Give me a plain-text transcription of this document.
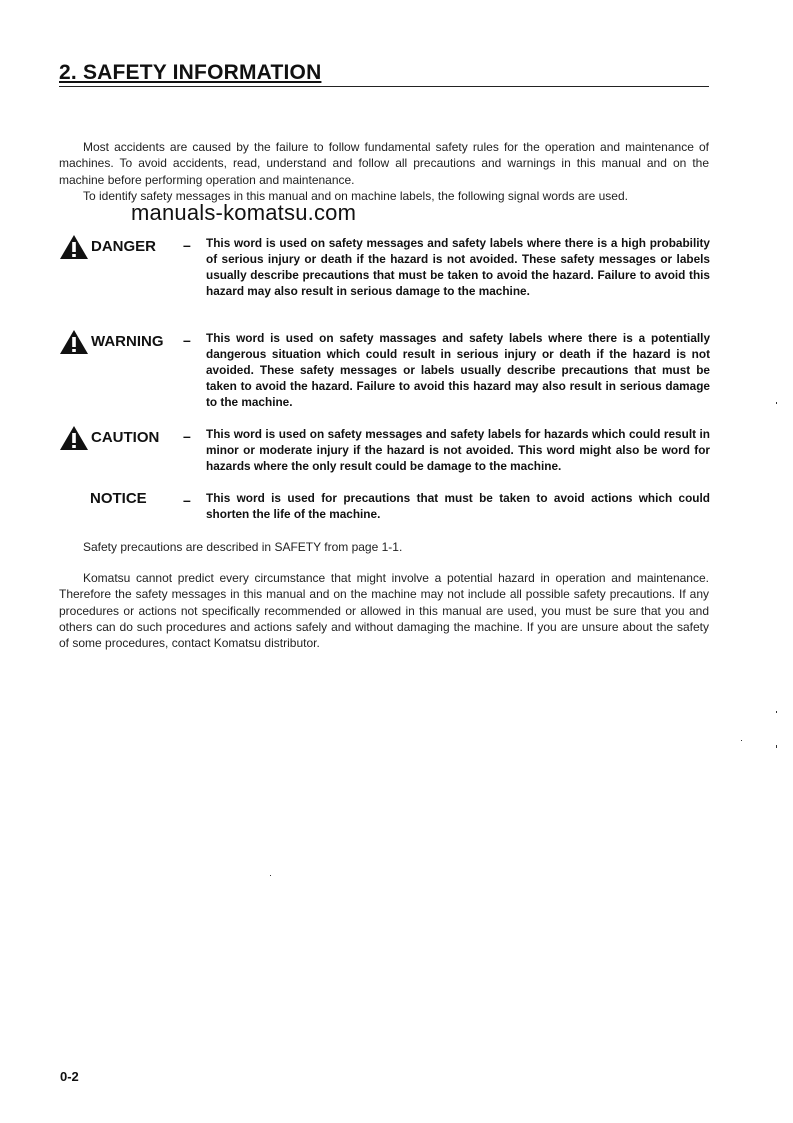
2. SAFETY INFORMATION
Most accidents are caused by the failure to follow fundamental safety rules for the operation and maintenance of machines. To avoid accidents, read, understand and follow all precautions and warnings in this manual and on the machine before performing operation and maintenance.
To identify safety messages in this manual and on machine labels, the following signal words are used.
manuals-komatsu.com
DANGER – This word is used on safety messages and safety labels where there is a high probability of serious injury or death if the hazard is not avoided. These safety messages or labels usually describe precautions that must be taken to avoid the hazard. Failure to avoid this hazard may also result in serious damage to the machine.
WARNING – This word is used on safety massages and safety labels where there is a potentially dangerous situation which could result in serious injury or death if the hazard is not avoided. These safety messages or labels usually describe precautions that must be taken to avoid the hazard. Failure to avoid this hazard may also result in serious damage to the machine.
CAUTION – This word is used on safety messages and safety labels for hazards which could result in minor or moderate injury if the hazard is not avoided. This word might also be word for hazards where the only result could be damage to the machine.
NOTICE	– This word is used for precautions that must be taken to avoid actions which could shorten the life of the machine.
Safety precautions are described in SAFETY from page 1-1.
Komatsu cannot predict every circumstance that might involve a potential hazard in operation and maintenance. Therefore the safety messages in this manual and on the machine may not include all possible safety precautions. If any procedures or actions not specifically recommended or allowed in this manual are used, you must be sure that you and others can do such procedures and actions safely and without damaging the machine. If you are unsure about the safety of some procedures, contact Komatsu distributor.
0-2
